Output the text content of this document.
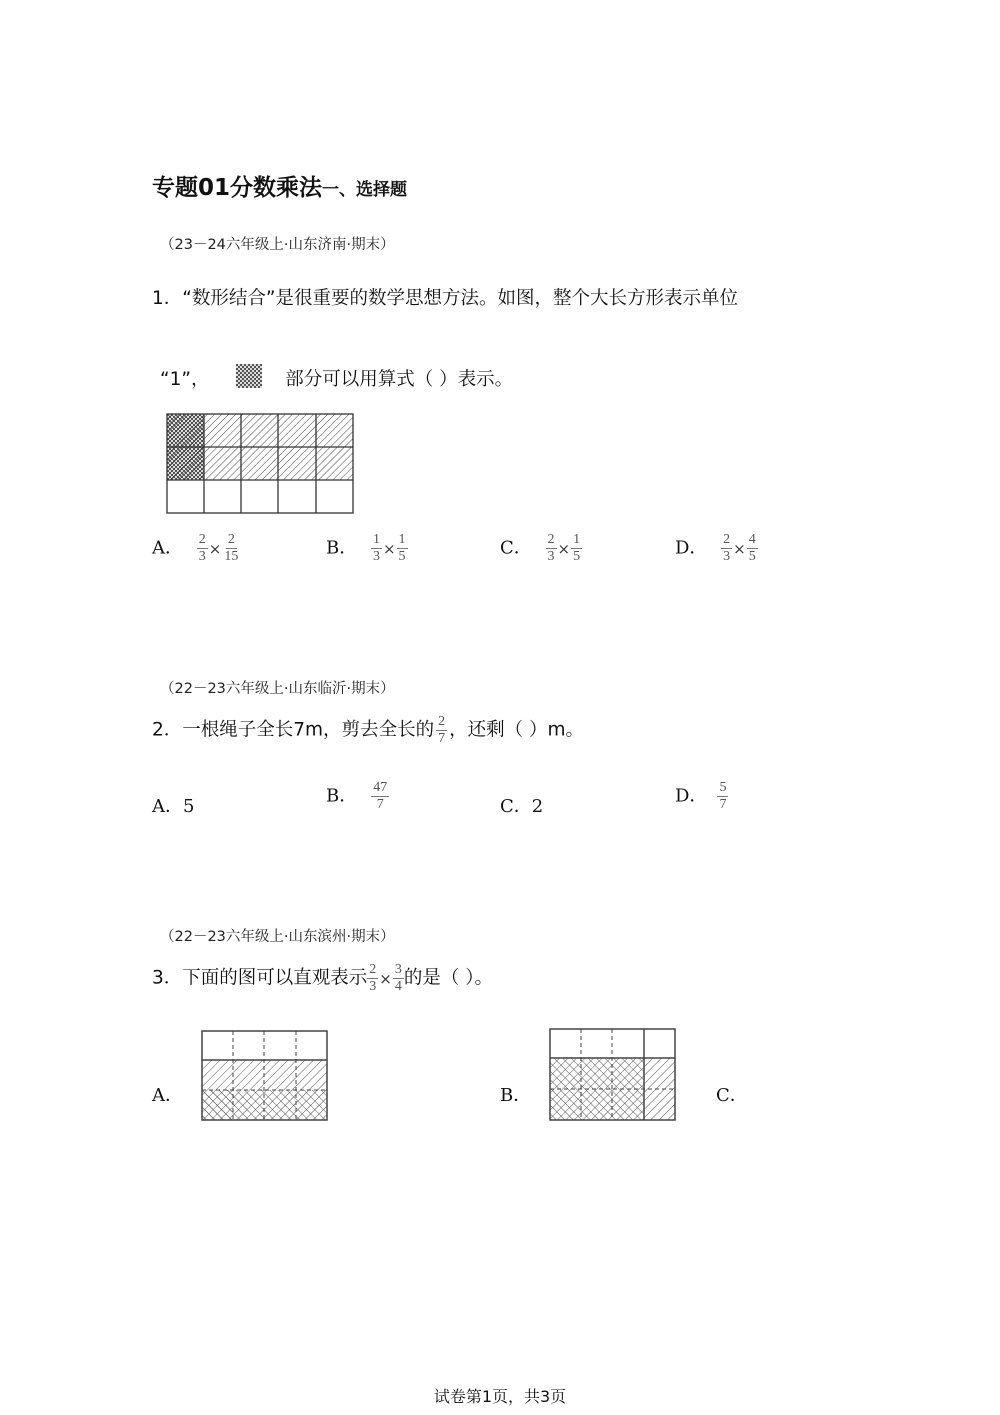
专题01分数乘法一、选择题
（23－24六年级上·山东济南·期末）
1．“数形结合”是很重要的数学思想方法。如图，整个大长方形表示单位
“1”，	部分可以用算式（ ）表示。
A． $\frac{2}{3} \times \frac{2}{15}$	B． $\frac{1}{3} \times \frac{1}{5}$	C． $\frac{2}{3} \times \frac{1}{5}$	D． $\frac{2}{3} \times \frac{4}{5}$
（22－23六年级上·山东临沂·期末）
2．一根绳子全长7m，剪去全长的 $\frac{2}{7}$ ，还剩（ ）m。
A．5	B． $\frac{47}{7}$	C．2	D． $\frac{5}{7}$
（22－23六年级上·山东滨州·期末）
3．下面的图可以直观表示 $\frac{2}{3} \times \frac{3}{4}$ 的是（ ）。
A．	B．	C．
试卷第1页，共3页
